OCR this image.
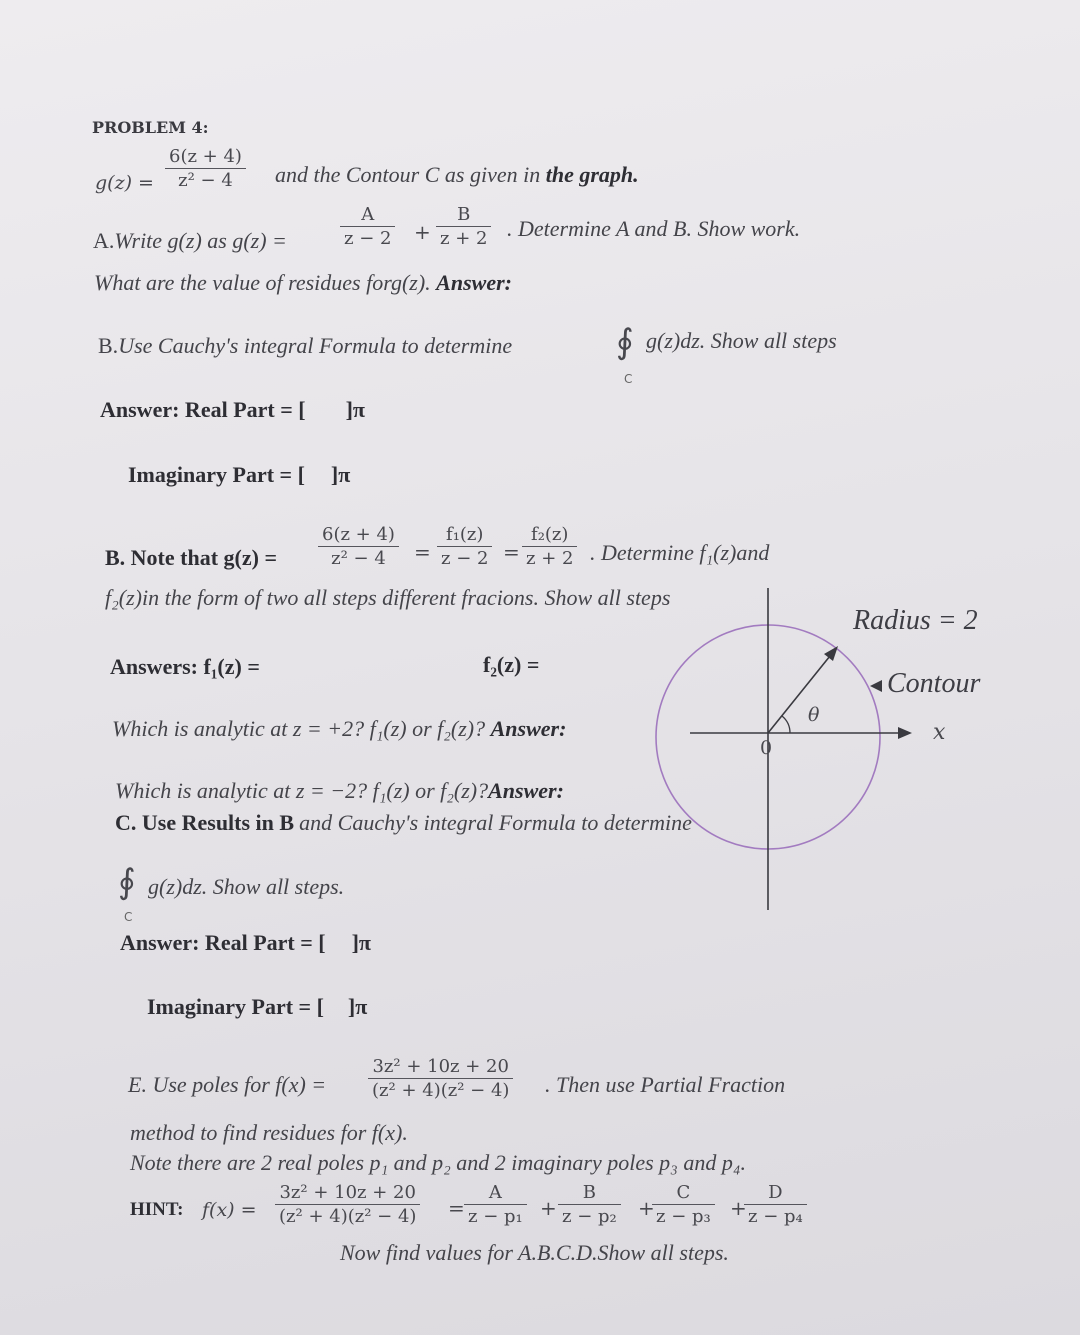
Radius = 2
Contour
x
0
θ
PROBLEM 4:
g(z) =
6(z + 4)
z² − 4 and the Contour C as given in the graph.
A.Write g(z) as g(z) =
A
z − 2 +
B
z + 2 . Determine A and B. Show work.
What are the value of residues forg(z). Answer:
B.Use Cauchy's integral Formula to determine	∮
C
g(z)dz. Show all steps
Answer: Real Part = [ ]π
Imaginary Part = [ ]π
B. Note that g(z) =
6(z + 4)
z² − 4 =
f₁(z)
z − 2 =
f₂(z)
z + 2 . Determine f₁(z)and
f₂(z)in the form of two all steps different fracions. Show all steps
Answers: f₁(z) =	f₂(z) =
Which is analytic at z = +2? f₁(z) or f₂(z)? Answer:
Which is analytic at z = −2? f₁(z) or f₂(z)?Answer:
C. Use Results in B and Cauchy's integral Formula to determine
∮
C
g(z)dz. Show all steps.
Answer: Real Part = [ ]π
Imaginary Part = [ ]π
E. Use poles for f(x) =
3z² + 10z + 20
(z² + 4)(z² − 4) . Then use Partial Fraction
method to find residues for f(x).
Note there are 2 real poles p₁ and p₂ and 2 imaginary poles p₃ and p₄.
HINT: f(x) =
3z² + 10z + 20
(z² + 4)(z² − 4) =
A
z − p₁ +
B
z − p₂ +
C
z − p₃ +
D
z − p₄
Now find values for A.B.C.D.Show all steps.
